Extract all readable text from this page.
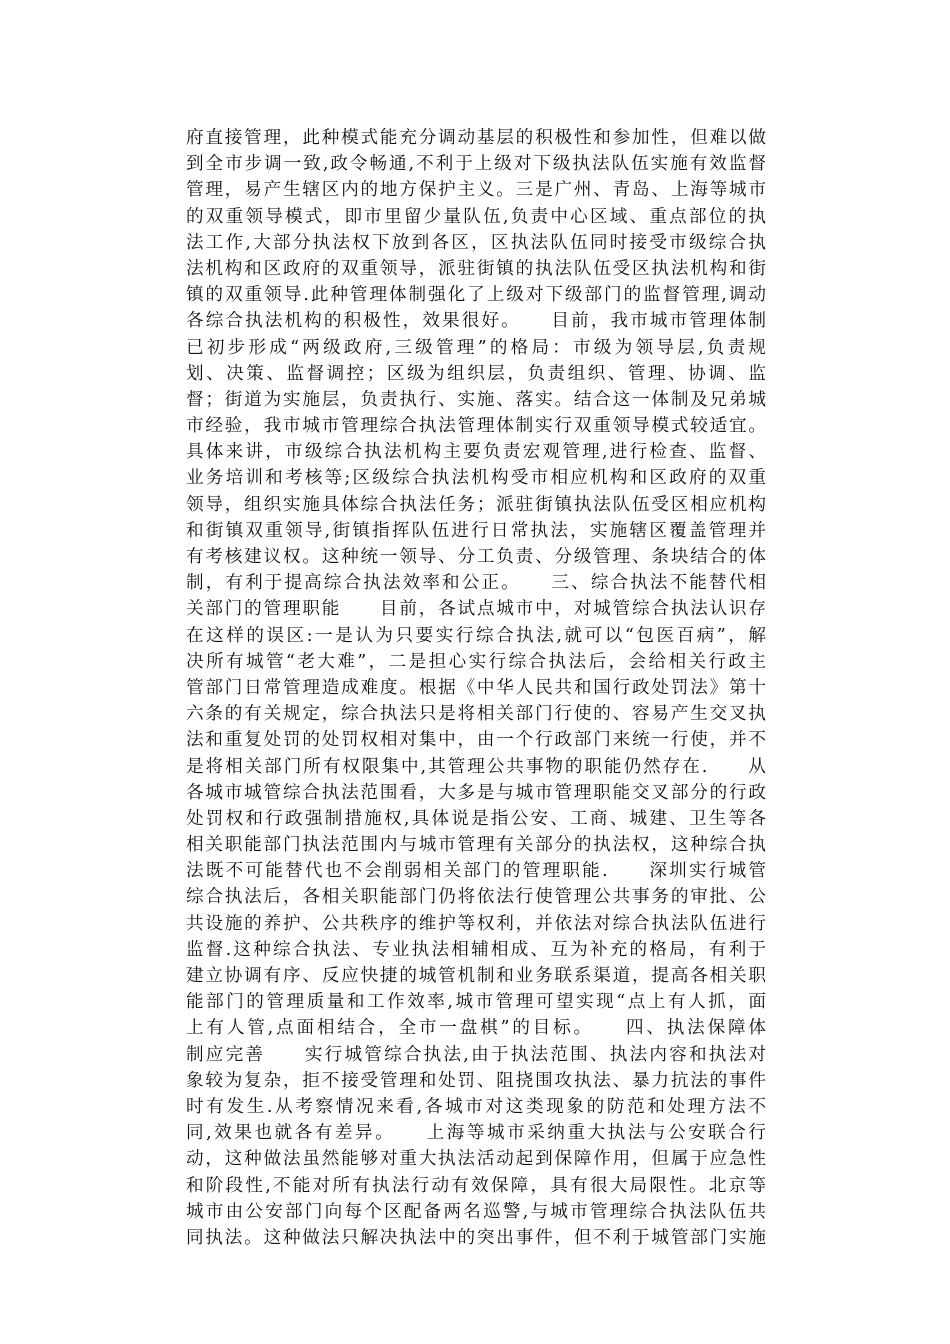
府直接管理，此种模式能充分调动基层的积极性和参加性，但难以做
到全市步调一致,政令畅通,不利于上级对下级执法队伍实施有效监督
管理，易产生辖区内的地方保护主义。三是广州、青岛、上海等城市
的双重领导模式，即市里留少量队伍,负责中心区域、重点部位的执
法工作,大部分执法权下放到各区，区执法队伍同时接受市级综合执
法机构和区政府的双重领导，派驻街镇的执法队伍受区执法机构和街
镇的双重领导.此种管理体制强化了上级对下级部门的监督管理,调动
各综合执法机构的积极性，效果很好。　　目前，我市城市管理体制
已初步形成“两级政府,三级管理”的格局：市级为领导层,负责规
划、决策、监督调控；区级为组织层，负责组织、管理、协调、监
督；街道为实施层，负责执行、实施、落实。结合这一体制及兄弟城
市经验，我市城市管理综合执法管理体制实行双重领导模式较适宜。
具体来讲，市级综合执法机构主要负责宏观管理,进行检查、监督、
业务培训和考核等;区级综合执法机构受市相应机构和区政府的双重
领导，组织实施具体综合执法任务；派驻街镇执法队伍受区相应机构
和街镇双重领导,街镇指挥队伍进行日常执法，实施辖区覆盖管理并
有考核建议权。这种统一领导、分工负责、分级管理、条块结合的体
制，有利于提高综合执法效率和公正。　　三、综合执法不能替代相
关部门的管理职能　　目前，各试点城市中，对城管综合执法认识存
在这样的误区:一是认为只要实行综合执法,就可以“包医百病”，解
决所有城管“老大难”，二是担心实行综合执法后，会给相关行政主
管部门日常管理造成难度。根据《中华人民共和国行政处罚法》第十
六条的有关规定，综合执法只是将相关部门行使的、容易产生交叉执
法和重复处罚的处罚权相对集中，由一个行政部门来统一行使，并不
是将相关部门所有权限集中,其管理公共事物的职能仍然存在.　　从
各城市城管综合执法范围看，大多是与城市管理职能交叉部分的行政
处罚权和行政强制措施权,具体说是指公安、工商、城建、卫生等各
相关职能部门执法范围内与城市管理有关部分的执法权，这种综合执
法既不可能替代也不会削弱相关部门的管理职能.　　深圳实行城管
综合执法后，各相关职能部门仍将依法行使管理公共事务的审批、公
共设施的养护、公共秩序的维护等权利，并依法对综合执法队伍进行
监督.这种综合执法、专业执法相辅相成、互为补充的格局，有利于
建立协调有序、反应快捷的城管机制和业务联系渠道，提高各相关职
能部门的管理质量和工作效率,城市管理可望实现“点上有人抓，面
上有人管,点面相结合，全市一盘棋”的目标。　　四、执法保障体
制应完善　　实行城管综合执法,由于执法范围、执法内容和执法对
象较为复杂，拒不接受管理和处罚、阻挠围攻执法、暴力抗法的事件
时有发生.从考察情况来看,各城市对这类现象的防范和处理方法不
同,效果也就各有差异。　　上海等城市采纳重大执法与公安联合行
动，这种做法虽然能够对重大执法活动起到保障作用，但属于应急性
和阶段性,不能对所有执法行动有效保障，具有很大局限性。北京等
城市由公安部门向每个区配备两名巡警,与城市管理综合执法队伍共
同执法。这种做法只解决执法中的突出事件，但不利于城管部门实施
